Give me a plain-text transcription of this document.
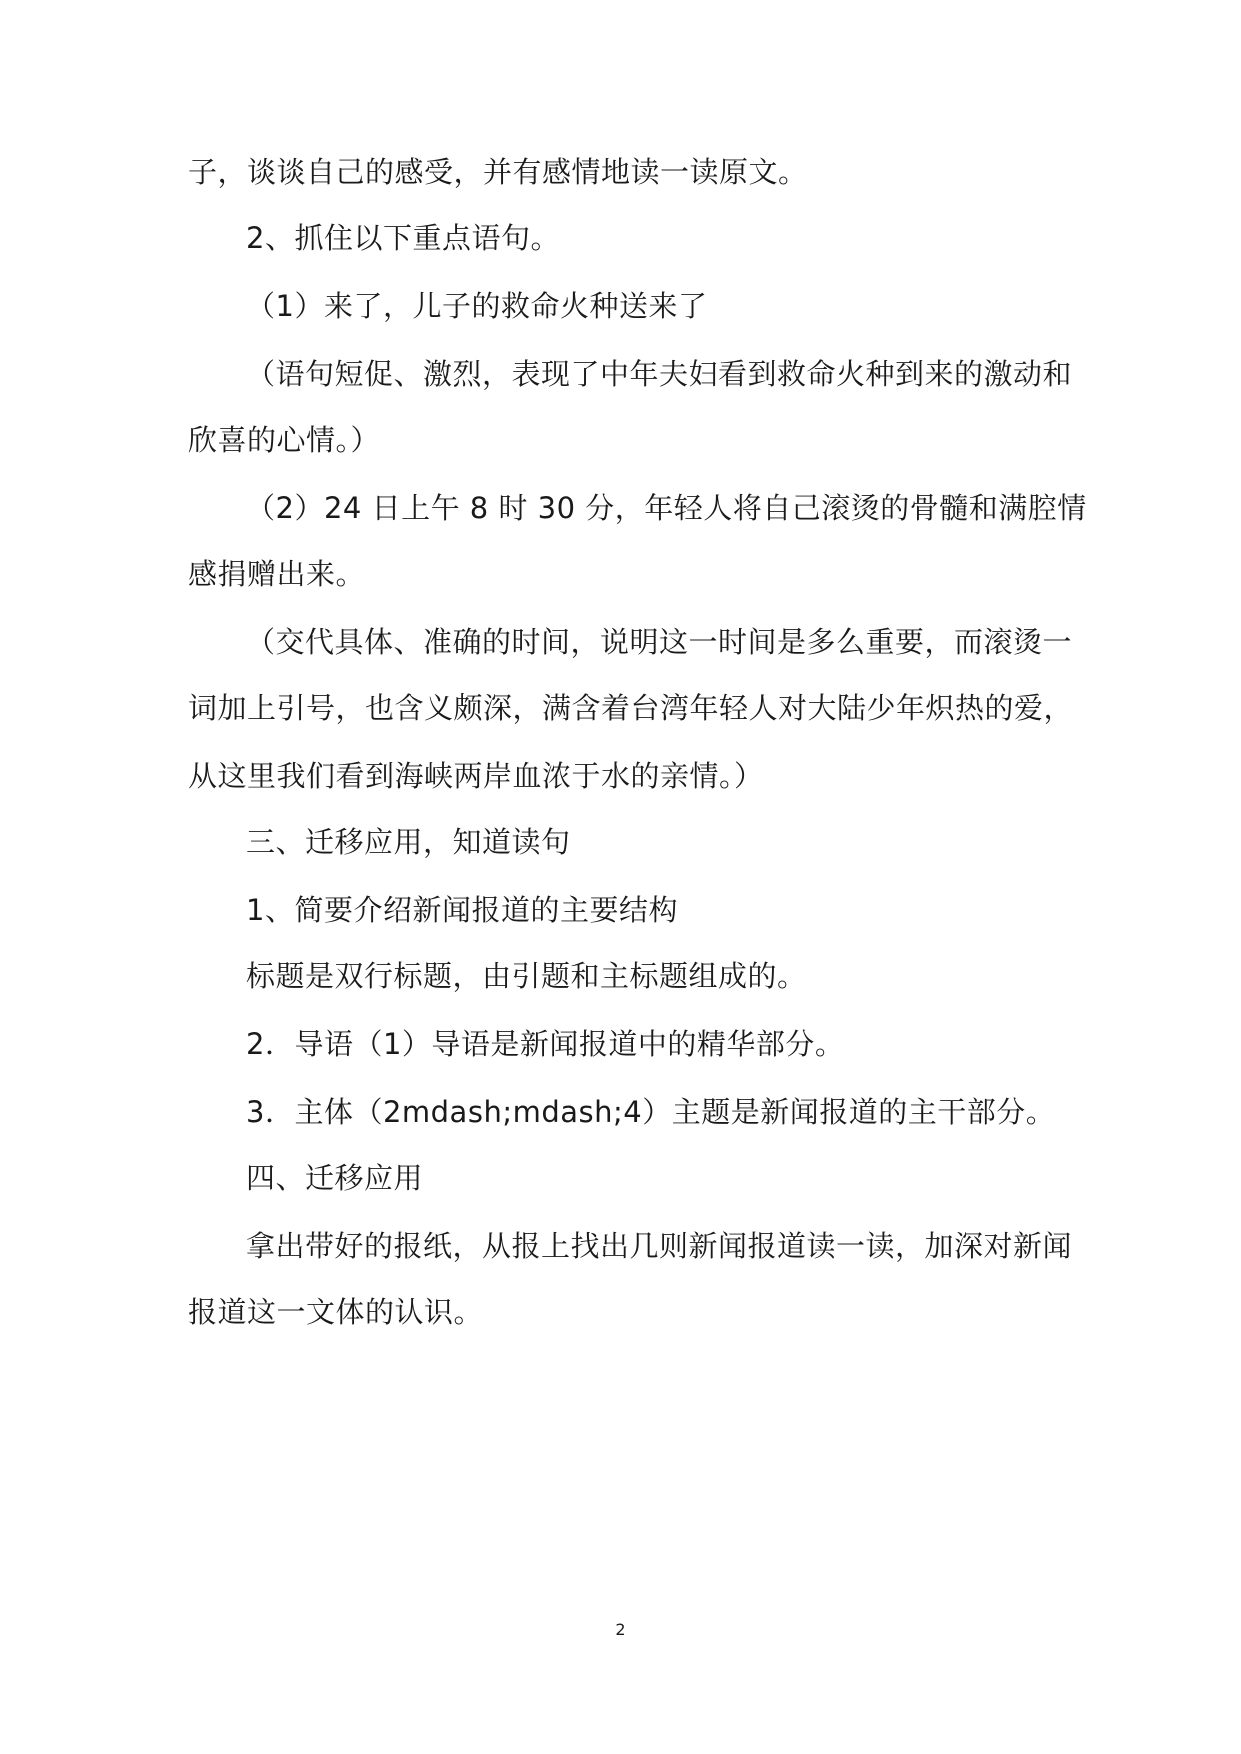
子，谈谈自己的感受，并有感情地读一读原文。
2、抓住以下重点语句。
（1）来了，儿子的救命火种送来了
（语句短促、激烈，表现了中年夫妇看到救命火种到来的激动和
欣喜的心情。）
（2）24 日上午 8 时 30 分，年轻人将自己滚烫的骨髓和满腔情
感捐赠出来。
（交代具体、准确的时间，说明这一时间是多么重要，而滚烫一
词加上引号，也含义颇深，满含着台湾年轻人对大陆少年炽热的爱，
从这里我们看到海峡两岸血浓于水的亲情。）
三、迁移应用，知道读句
1、简要介绍新闻报道的主要结构
标题是双行标题，由引题和主标题组成的。
2．导语（1）导语是新闻报道中的精华部分。
3．主体（2mdash;mdash;4）主题是新闻报道的主干部分。
四、迁移应用
拿出带好的报纸，从报上找出几则新闻报道读一读，加深对新闻
报道这一文体的认识。
2
